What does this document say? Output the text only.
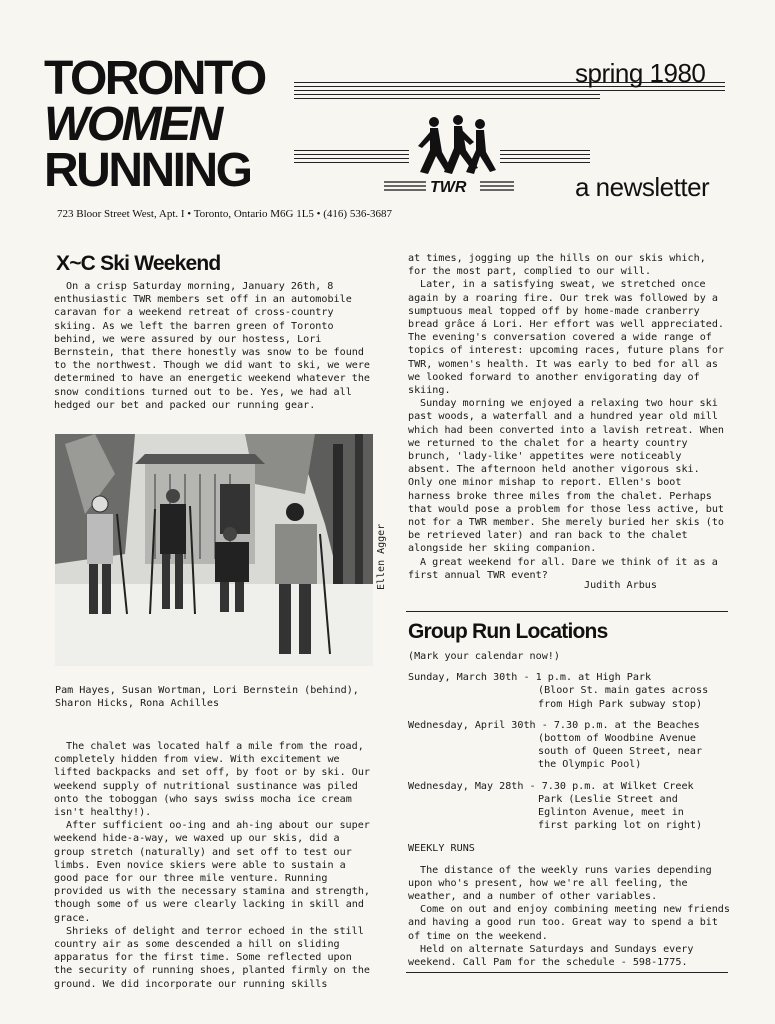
TORONTO
WOMEN
RUNNING
spring 1980
a newsletter
TWR
723 Bloor Street West, Apt. I • Toronto, Ontario M6G 1L5 • (416) 536-3687
X~C Ski Weekend

On a crisp Saturday morning, January 26th, 8 enthusiastic TWR members set off in an automobile caravan for a weekend retreat of cross-country skiing. As we left the barren green of Toronto behind, we were assured by our hostess, Lori Bernstein, that there honestly was snow to be found to the northwest. Though we did want to ski, we were determined to have an energetic weekend whatever the snow conditions turned out to be. Yes, we had all hedged our bet and packed our running gear.

Ellen Agger
Pam Hayes, Susan Wortman, Lori Bernstein (behind), Sharon Hicks, Rona Achilles

The chalet was located half a mile from the road, completely hidden from view. With excitement we lifted backpacks and set off, by foot or by ski. Our weekend supply of nutritional sustinance was piled onto the toboggan (who says swiss mocha ice cream isn't healthy!).

After sufficient oo-ing and ah-ing about our super weekend hide-a-way, we waxed up our skis, did a group stretch (naturally) and set off to test our limbs. Even novice skiers were able to sustain a good pace for our three mile venture. Running provided us with the necessary stamina and strength, though some of us were clearly lacking in skill and grace.

Shrieks of delight and terror echoed in the still country air as some descended a hill on sliding apparatus for the first time. Some reflected upon the security of running shoes, planted firmly on the ground. We did incorporate our running skills

at times, jogging up the hills on our skis which, for the most part, complied to our will.

Later, in a satisfying sweat, we stretched once again by a roaring fire. Our trek was followed by a sumptuous meal topped off by home-made cranberry bread grâce á Lori. Her effort was well appreciated. The evening's conversation covered a wide range of topics of interest: upcoming races, future plans for TWR, women's health. It was early to bed for all as we looked forward to another envigorating day of skiing.

Sunday morning we enjoyed a relaxing two hour ski past woods, a waterfall and a hundred year old mill which had been converted into a lavish retreat. When we returned to the chalet for a hearty country brunch, 'lady-like' appetites were noticeably absent. The afternoon held another vigorous ski. Only one minor mishap to report. Ellen's boot harness broke three miles from the chalet. Perhaps that would pose a problem for those less active, but not for a TWR member. She merely buried her skis (to be retrieved later) and ran back to the chalet alongside her skiing companion.

A great weekend for all. Dare we think of it as a first annual TWR event?

Judith Arbus
Group Run Locations
(Mark your calendar now!)
Sunday, March 30th - 1 p.m. at High Park
(Bloor St. main gates across
from High Park subway stop)
Wednesday, April 30th - 7.30 p.m. at the Beaches
(bottom of Woodbine Avenue
south of Queen Street, near
the Olympic Pool)
Wednesday, May 28th - 7.30 p.m. at Wilket Creek
Park (Leslie Street and
Eglinton Avenue, meet in
first parking lot on right)
WEEKLY RUNS

The distance of the weekly runs varies depending upon who's present, how we're all feeling, the weather, and a number of other variables.

Come on out and enjoy combining meeting new friends and having a good run too. Great way to spend a bit of time on the weekend.

Held on alternate Saturdays and Sundays every weekend. Call Pam for the schedule - 598-1775.
